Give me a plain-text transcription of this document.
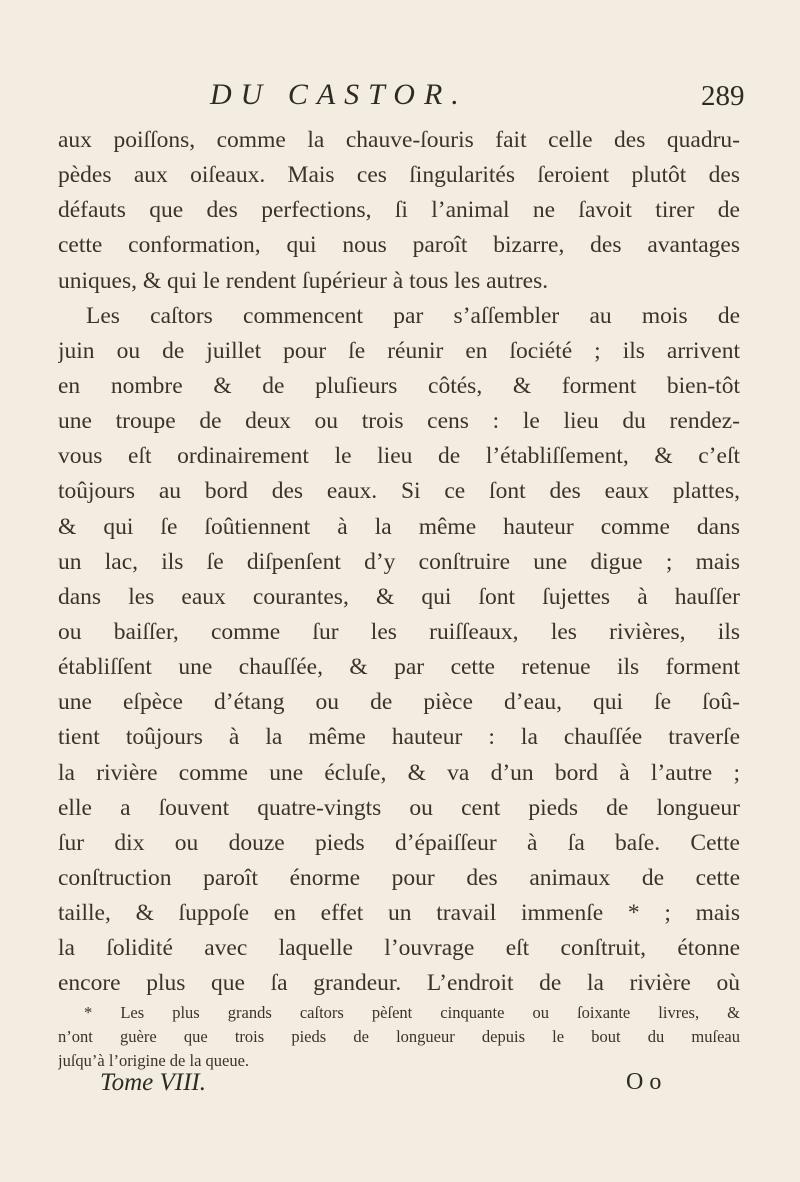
DU CASTOR.	289
aux poiſſons, comme la chauve-ſouris fait celle des quadru-
pèdes aux oiſeaux. Mais ces ſingularités ſeroient plutôt des
défauts que des perfections, ſi l’animal ne ſavoit tirer de
cette conformation, qui nous paroît bizarre, des avantages
uniques, & qui le rendent ſupérieur à tous les autres.
Les caſtors commencent par s’aſſembler au mois de
juin ou de juillet pour ſe réunir en ſociété ; ils arrivent
en nombre & de pluſieurs côtés, & forment bien-tôt
une troupe de deux ou trois cens : le lieu du rendez-
vous eſt ordinairement le lieu de l’établiſſement, & c’eſt
toûjours au bord des eaux. Si ce ſont des eaux plattes,
& qui ſe ſoûtiennent à la même hauteur comme dans
un lac, ils ſe diſpenſent d’y conſtruire une digue ; mais
dans les eaux courantes, & qui ſont ſujettes à hauſſer
ou baiſſer, comme ſur les ruiſſeaux, les rivières, ils
établiſſent une chauſſée, & par cette retenue ils forment
une eſpèce d’étang ou de pièce d’eau, qui ſe ſoû-
tient toûjours à la même hauteur : la chauſſée traverſe
la rivière comme une écluſe, & va d’un bord à l’autre ;
elle a ſouvent quatre-vingts ou cent pieds de longueur
ſur dix ou douze pieds d’épaiſſeur à ſa baſe. Cette
conſtruction paroît énorme pour des animaux de cette
taille, & ſuppoſe en effet un travail immenſe * ; mais
la ſolidité avec laquelle l’ouvrage eſt conſtruit, étonne
encore plus que ſa grandeur. L’endroit de la rivière où
* Les plus grands caſtors pèſent cinquante ou ſoixante livres, &
n’ont guère que trois pieds de longueur depuis le bout du muſeau
juſqu’à l’origine de la queue.
Tome VIII.	O o
